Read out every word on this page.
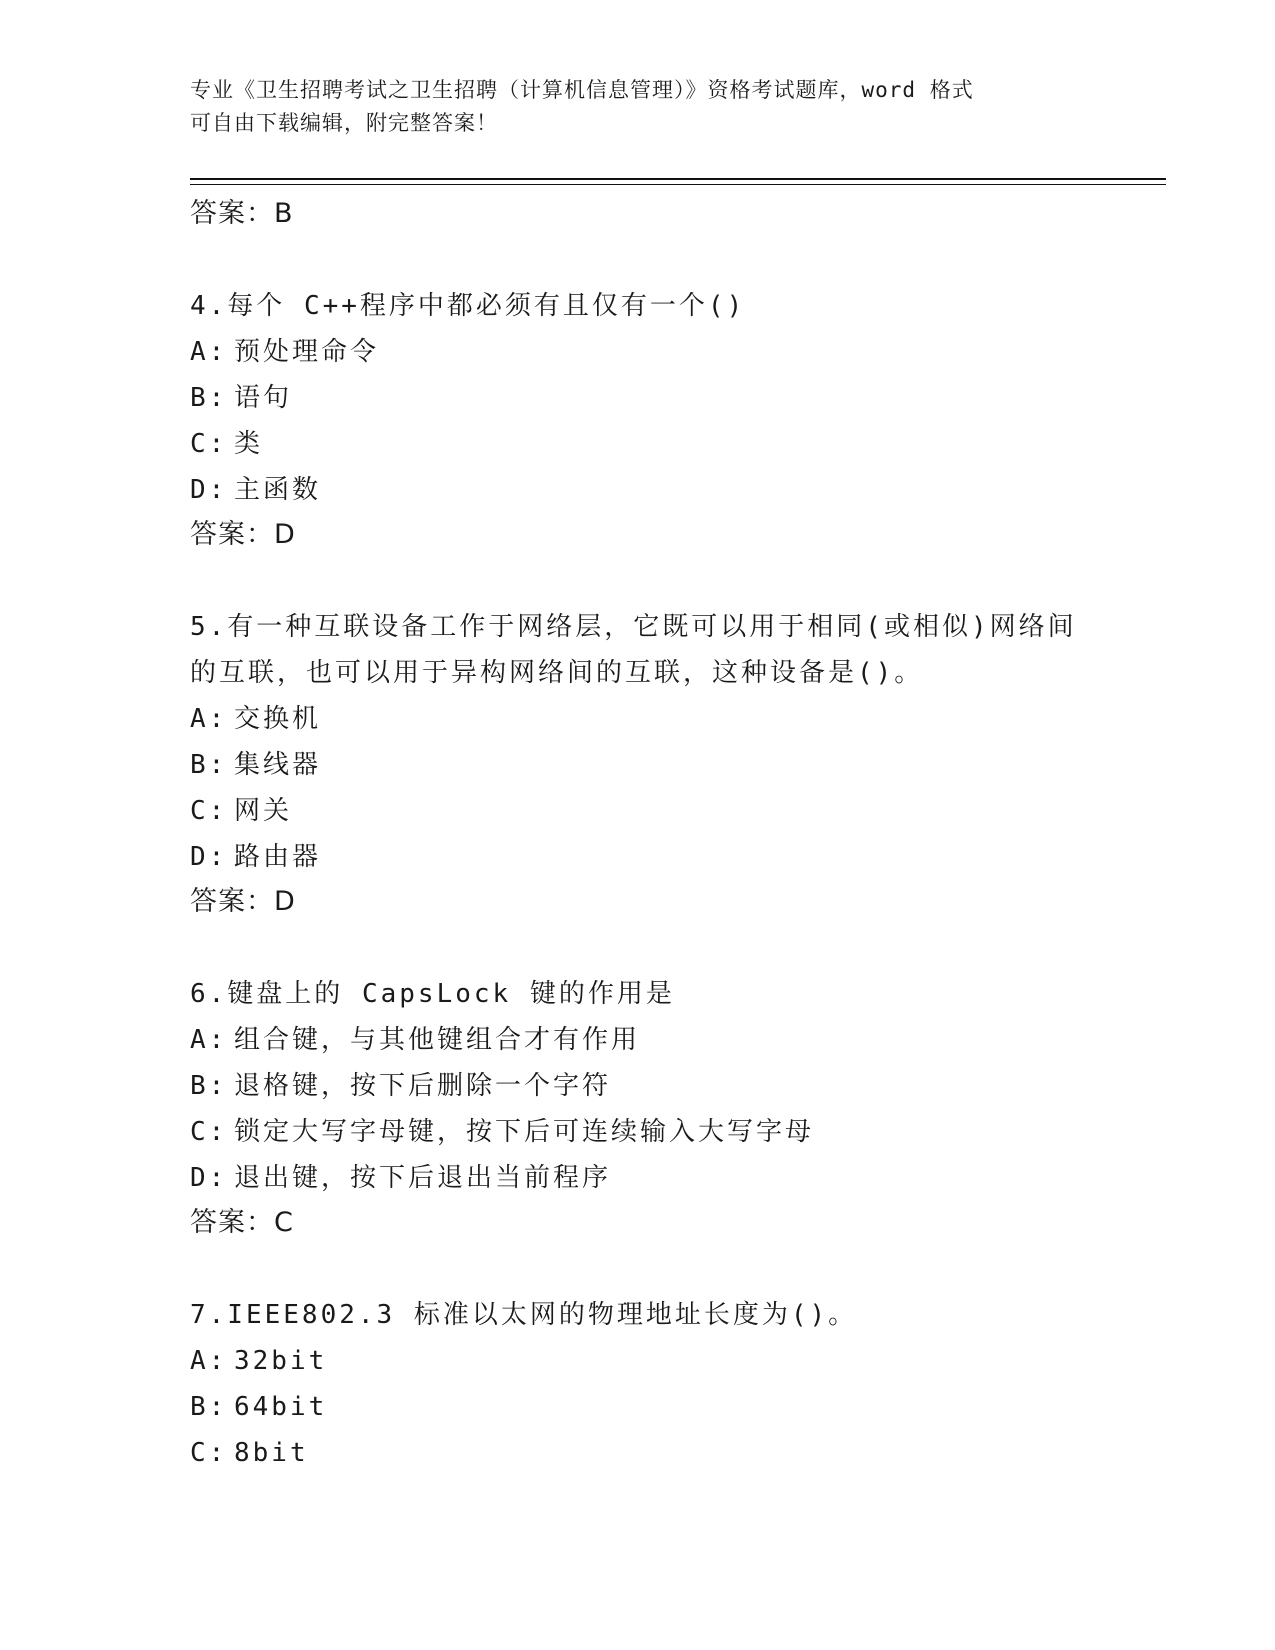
专业《卫生招聘考试之卫生招聘（计算机信息管理）》资格考试题库，word 格式
可自由下载编辑，附完整答案！
答案：B
4.每个 C++程序中都必须有且仅有一个()
A: 预处理命令
B: 语句
C: 类
D: 主函数
答案：D
5.有一种互联设备工作于网络层，它既可以用于相同(或相似)网络间
的互联，也可以用于异构网络间的互联，这种设备是()。
A: 交换机
B: 集线器
C: 网关
D: 路由器
答案：D
6.键盘上的 CapsLock 键的作用是
A: 组合键，与其他键组合才有作用
B: 退格键，按下后删除一个字符
C: 锁定大写字母键，按下后可连续输入大写字母
D: 退出键，按下后退出当前程序
答案：C
7.IEEE802.3 标准以太网的物理地址长度为()。
A: 32bit
B: 64bit
C: 8bit
